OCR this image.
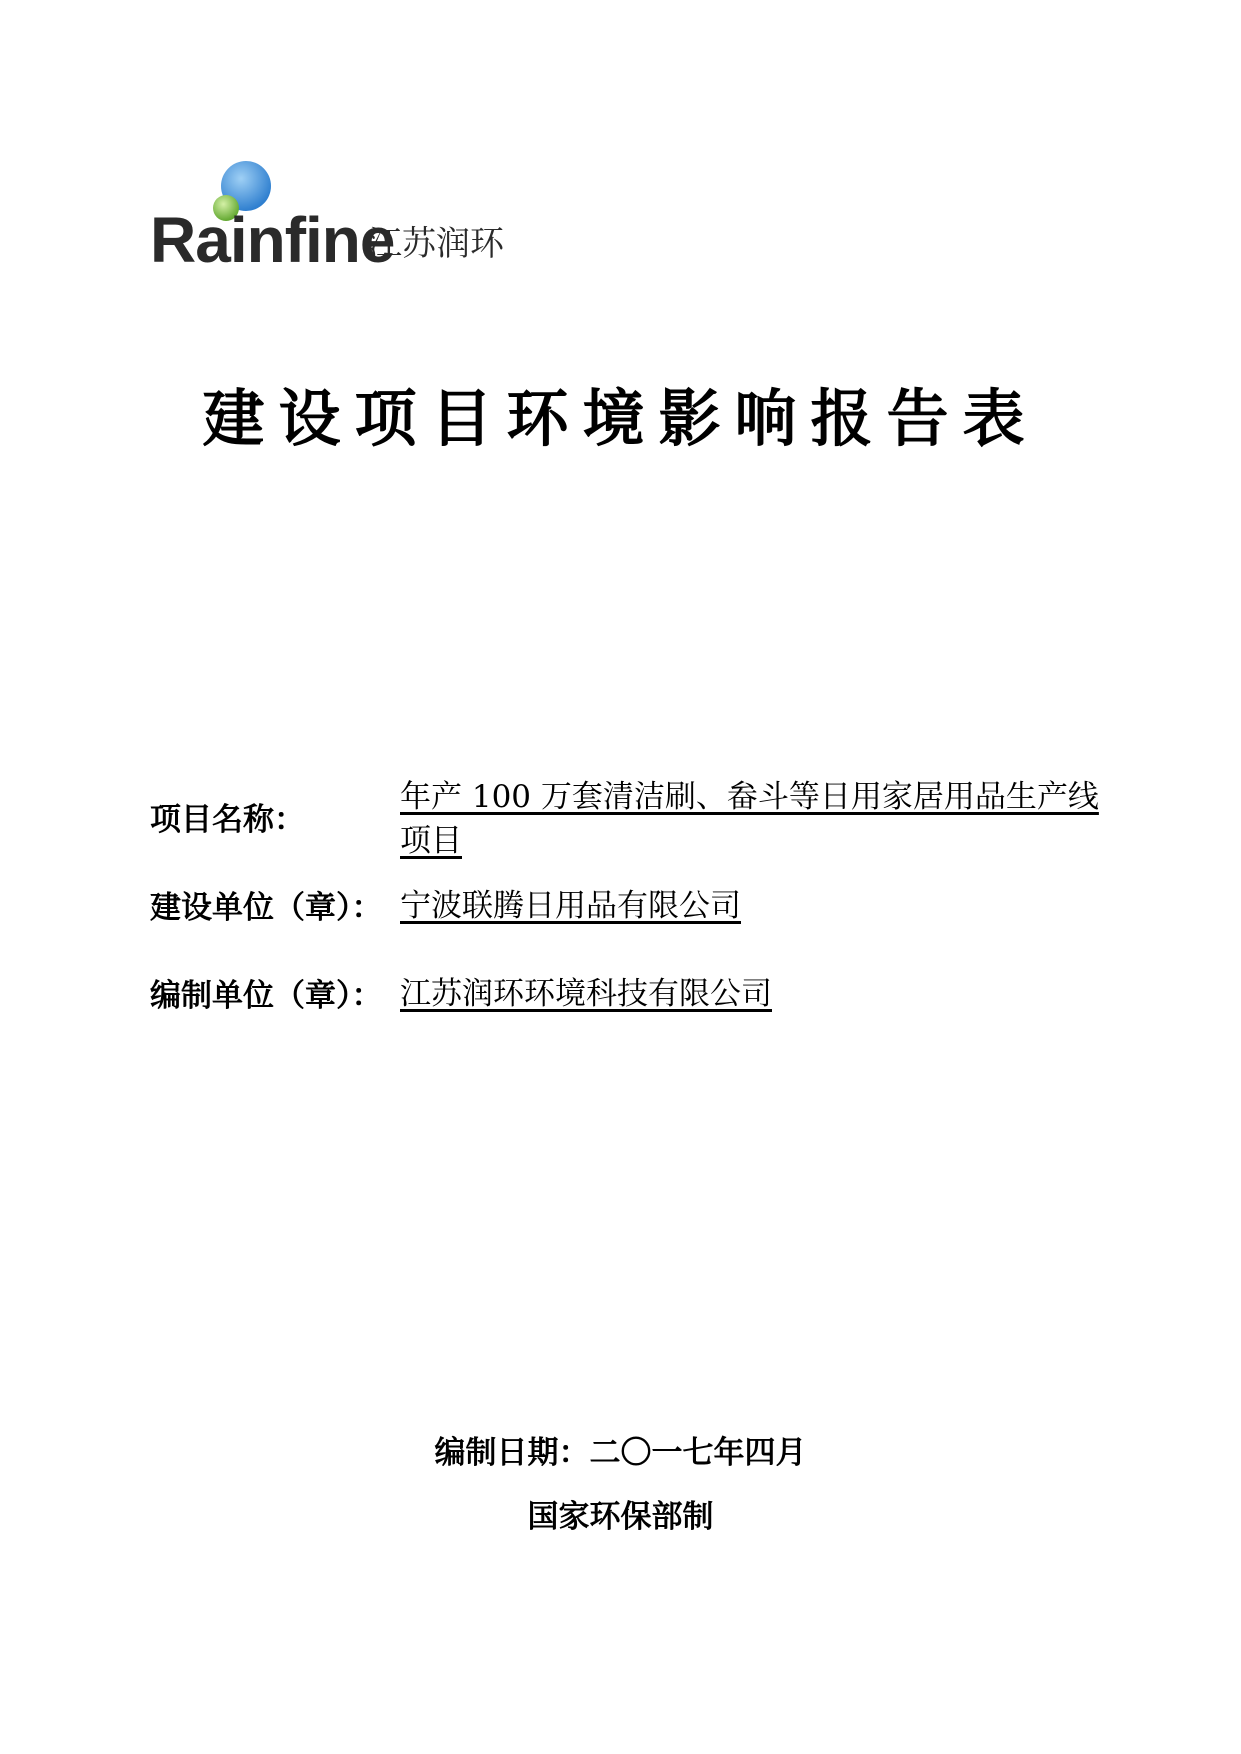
Rainfine
江苏润环
建设项目环境影响报告表
项目名称：
年产 100 万套清洁刷、畚斗等日用家居用品生产线项目
建设单位（章）： 宁波联腾日用品有限公司
编制单位（章）： 江苏润环环境科技有限公司
编制日期：二〇一七年四月
国家环保部制
